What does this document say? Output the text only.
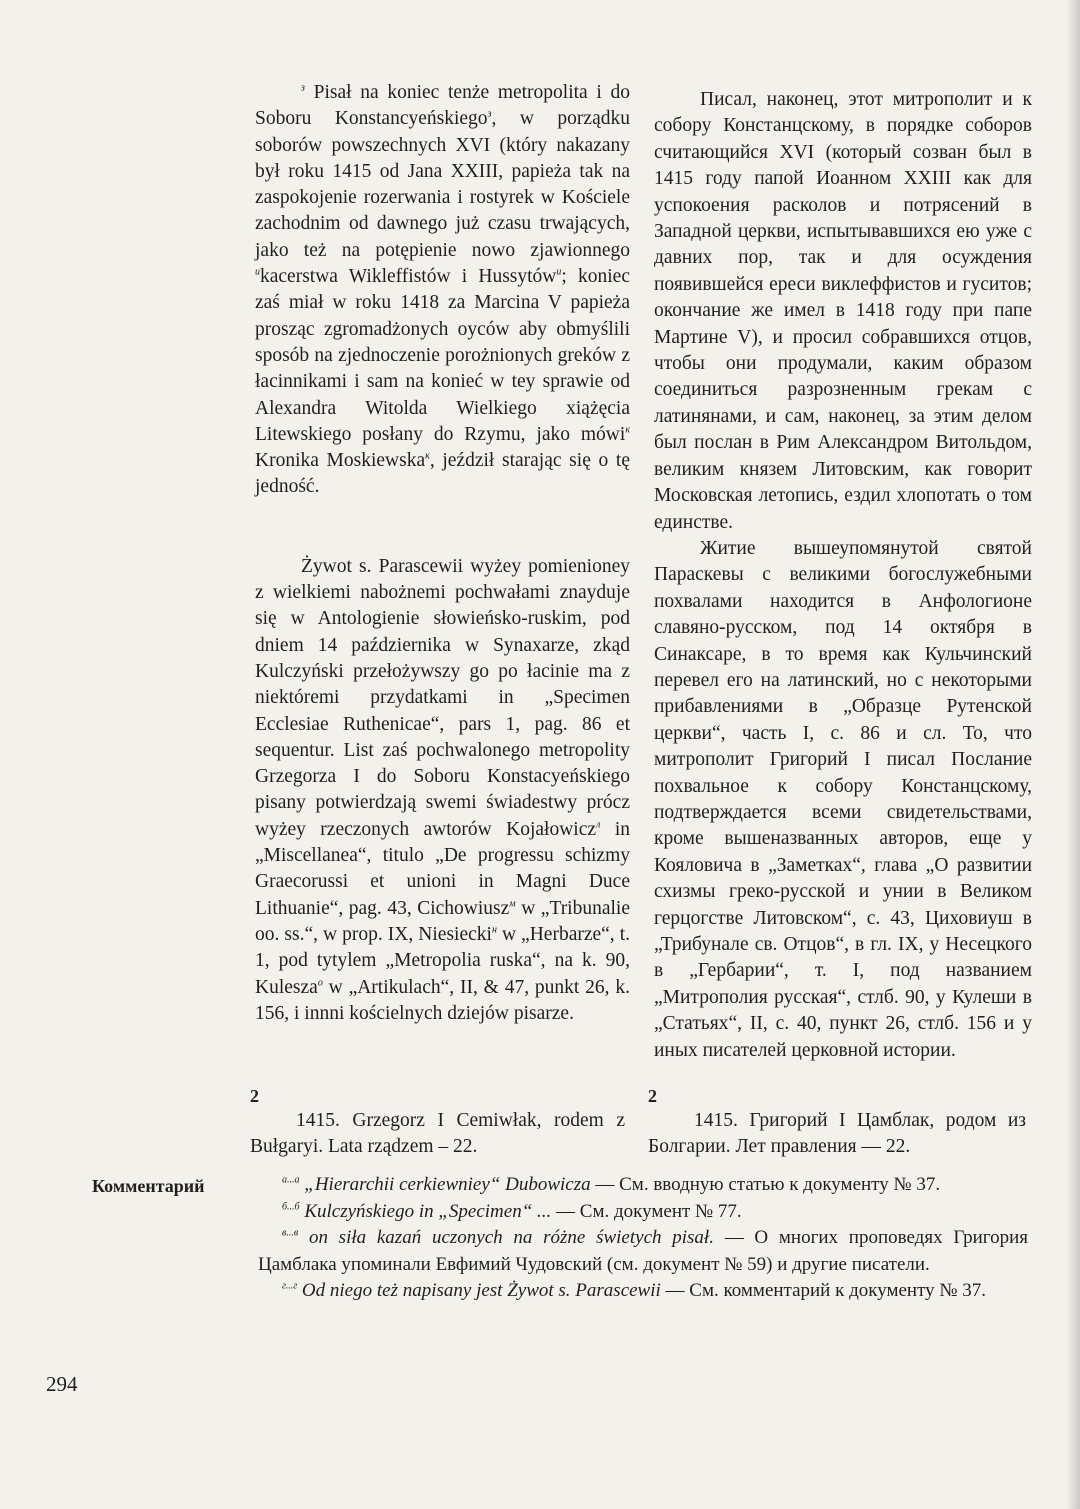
$^з$ Pisał na koniec tenże metropolita i do Soboru Konstancyeńskiego$^з$, w porządku soborów powszechnych XVI (który nakazany był roku 1415 od Jana XXIII, papieża tak na zaspokojenie rozerwania i rostyrek w Kościele zachodnim od dawnego już czasu trwających, jako też na potępienie nowo zjawionnego $^и$kacerstwa Wikleffistów i Hussytów$^и$; koniec zaś miał w roku 1418 za Marcina V papieża prosząc zgromadżonych oyców aby obmyślili sposób na zjednoczenie porożnionych greków z łacinnikami i sam na konieć w tey sprawie od Alexandra Witolda Wielkiego xiążęcia Litewskiego posłany do Rzymu, jako mówi$^к$ Kronika Moskiewska$^к$, jeździł starając się o tę jedność.

Żywot s. Parascewii wyżey pomienioney z wielkiemi nabożnemi pochwałami znayduje się w Antologienie słowieńsko-ruskim, pod dniem 14 października w Synaxarze, zkąd Kulczyński przełożywszy go po łacinie ma z niektóremi przydatkami in „Specimen Ecclesiae Ruthenicae“, pars 1, pag. 86 et sequentur. List zaś pochwalonego metropolity Grzegorza I do Soboru Konstacyeńskiego pisany potwierdzają swemi świadestwy prócz wyżey rzeczonych awtorów Kojałowicz$^л$ in „Miscellanea“, titulo „De progressu schizmy Graecorussi et unioni in Magni Duce Lithuanie“, pag. 43, Cichowiusz$^м$ w „Tribunalie oo. ss.“, w prop. IX, Niesiecki$^н$ w „Herbarze“, t. 1, pod tytylem „Metropolia ruska“, na k. 90, Kulesza$^о$ w „Artikulach“, II, & 47, punkt 26, k. 156, i innni kościelnych dziejów pisarze.

Писал, наконец, этот митрополит и к собору Констанцскому, в порядке соборов считающийся XVI (который созван был в 1415 году папой Иоанном XXIII как для успокоения расколов и потрясений в Западной церкви, испытывавшихся ею уже с давних пор, так и для осуждения появившейся ереси виклеффистов и гуситов; окончание же имел в 1418 году при папе Мартине V), и просил собравшихся отцов, чтобы они продумали, каким образом соединиться разрозненным грекам с латинянами, и сам, наконец, за этим делом был послан в Рим Александром Витольдом, великим князем Литовским, как говорит Московская летопись, ездил хлопотать о том единстве.

Житие вышеупомянутой святой Параскевы с великими богослужебными похвалами находится в Анфологионе славяно-русском, под 14 октября в Синаксаре, в то время как Кульчинский перевел его на латинский, но с некоторыми прибавлениями в „Образце Рутенской церкви“, часть I, с. 86 и сл. То, что митрополит Григорий I писал Послание похвальное к собору Констанцскому, подтверждается всеми свидетельствами, кроме вышеназванных авторов, еще у Кояловича в „Заметках“, глава „О развитии схизмы греко-русской и унии в Великом герцогстве Литовском“, с. 43, Циховиуш в „Трибунале св. Отцов“, в гл. IX, у Несецкого в „Гербарии“, т. I, под названием „Митрополия русская“, стлб. 90, у Кулеши в „Статьях“, II, с. 40, пункт 26, стлб. 156 и у иных писателей церковной истории.

2

1415. Grzegorz I Cemiwłak, rodem z Bułgaryi. Lata rządzem – 22.

2

1415. Григорий I Цамблак, родом из Болгарии. Лет правления — 22.

Комментарий	$^{а...а}$ „Hierarchii cerkiewniey“ Dubowicza — См. вводную статью к документу № 37.

$^{б...б}$ Kulczyńskiego in „Specimen“ ... — См. документ № 77.

$^{в...в}$ on siła kazań uczonych na różne świetych pisał. — О многих проповедях Григория Цамблака упоминали Евфимий Чудовский (см. документ № 59) и другие писатели.

$^{г...г}$ Od niego też napisany jest Żywot s. Parascewii — См. комментарий к документу № 37.

294
